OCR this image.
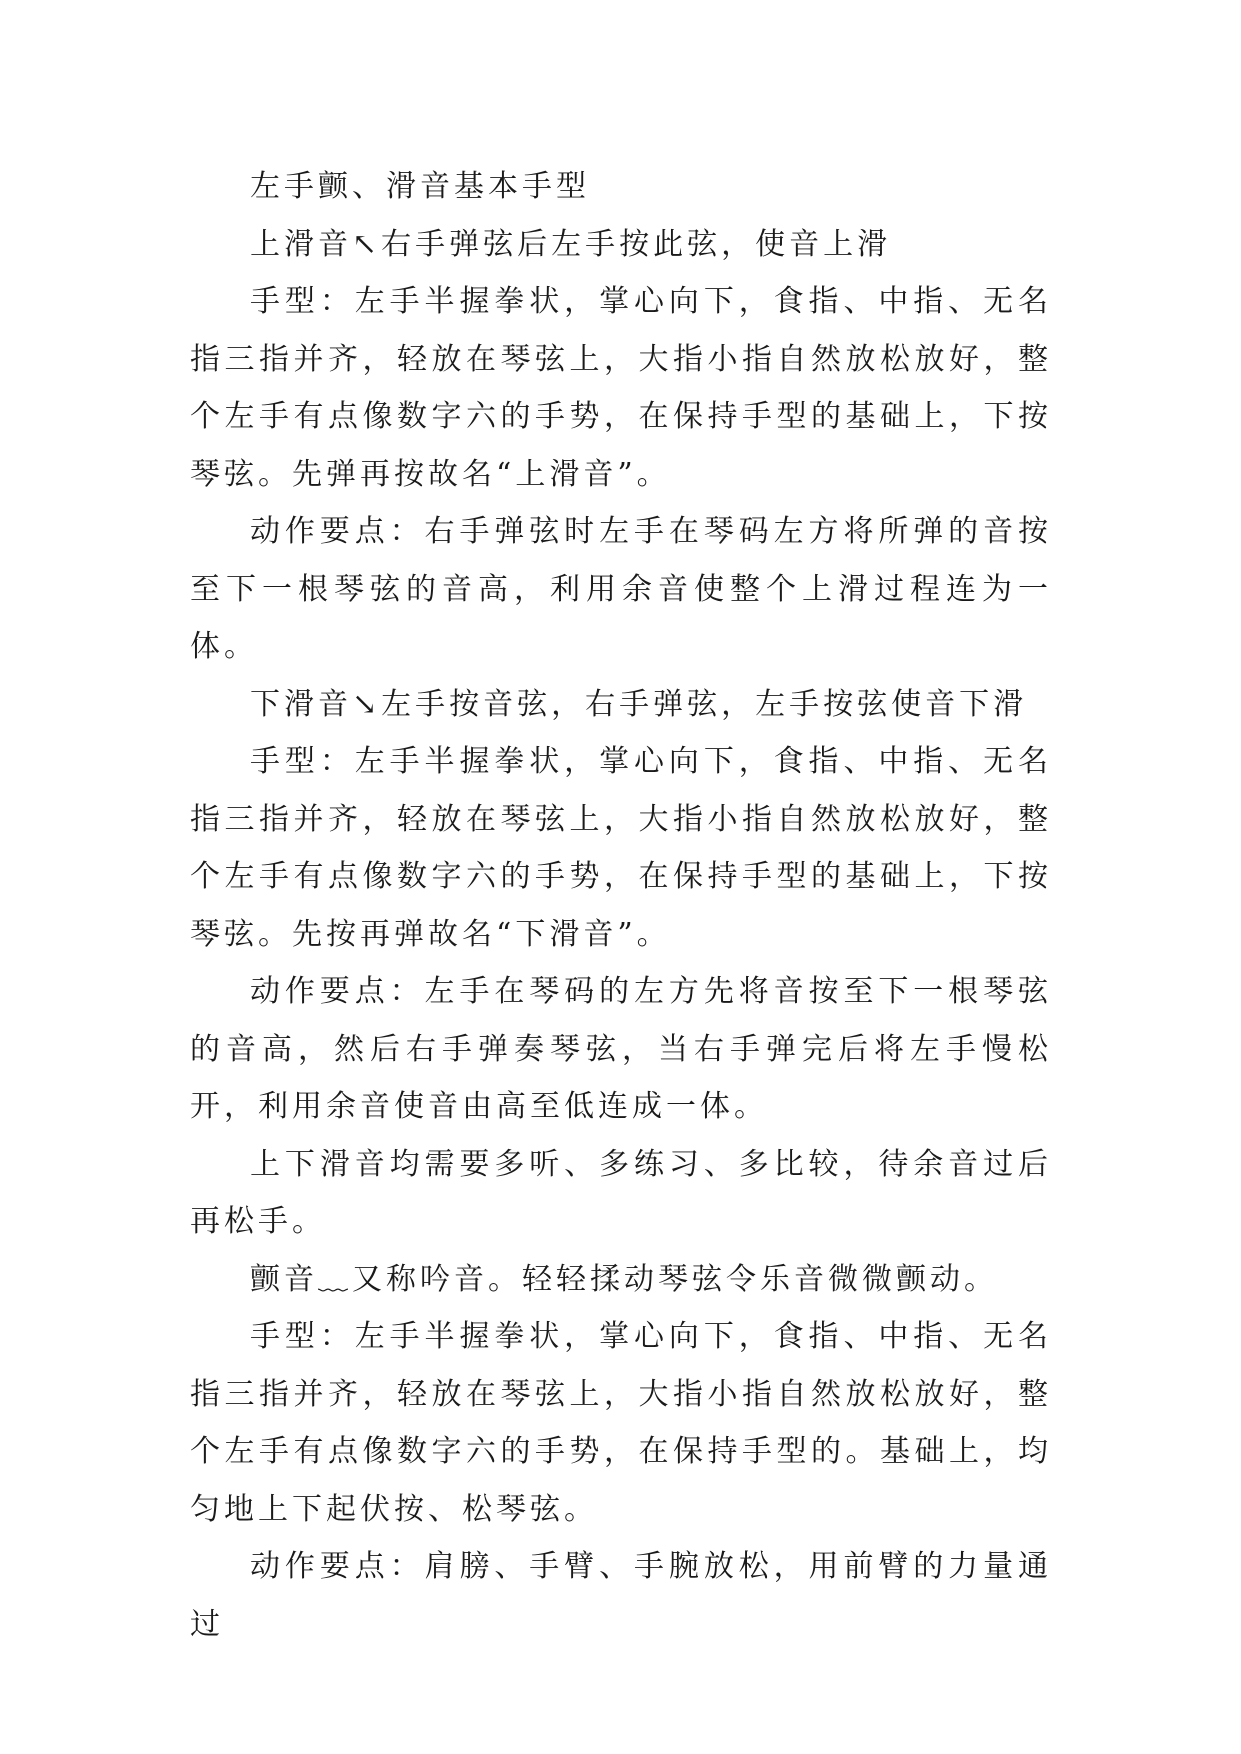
左手颤、滑音基本手型

上滑音↖右手弹弦后左手按此弦，使音上滑

手型：左手半握拳状，掌心向下，食指、中指、无名指三指并齐，轻放在琴弦上，大指小指自然放松放好，整个左手有点像数字六的手势，在保持手型的基础上，下按琴弦。先弹再按故名“上滑音”。

动作要点：右手弹弦时左手在琴码左方将所弹的音按至下一根琴弦的音高，利用余音使整个上滑过程连为一体。

下滑音↘左手按音弦，右手弹弦，左手按弦使音下滑

手型：左手半握拳状，掌心向下，食指、中指、无名指三指并齐，轻放在琴弦上，大指小指自然放松放好，整个左手有点像数字六的手势，在保持手型的基础上，下按琴弦。先按再弹故名“下滑音”。

动作要点：左手在琴码的左方先将音按至下一根琴弦的音高，然后右手弹奏琴弦，当右手弹完后将左手慢松开，利用余音使音由高至低连成一体。

上下滑音均需要多听、多练习、多比较，待余音过后再松手。

颤音﹏又称吟音。轻轻揉动琴弦令乐音微微颤动。

手型：左手半握拳状，掌心向下，食指、中指、无名指三指并齐，轻放在琴弦上，大指小指自然放松放好，整个左手有点像数字六的手势，在保持手型的。基础上，均匀地上下起伏按、松琴弦。

动作要点：肩膀、手臂、手腕放松，用前臂的力量通过
